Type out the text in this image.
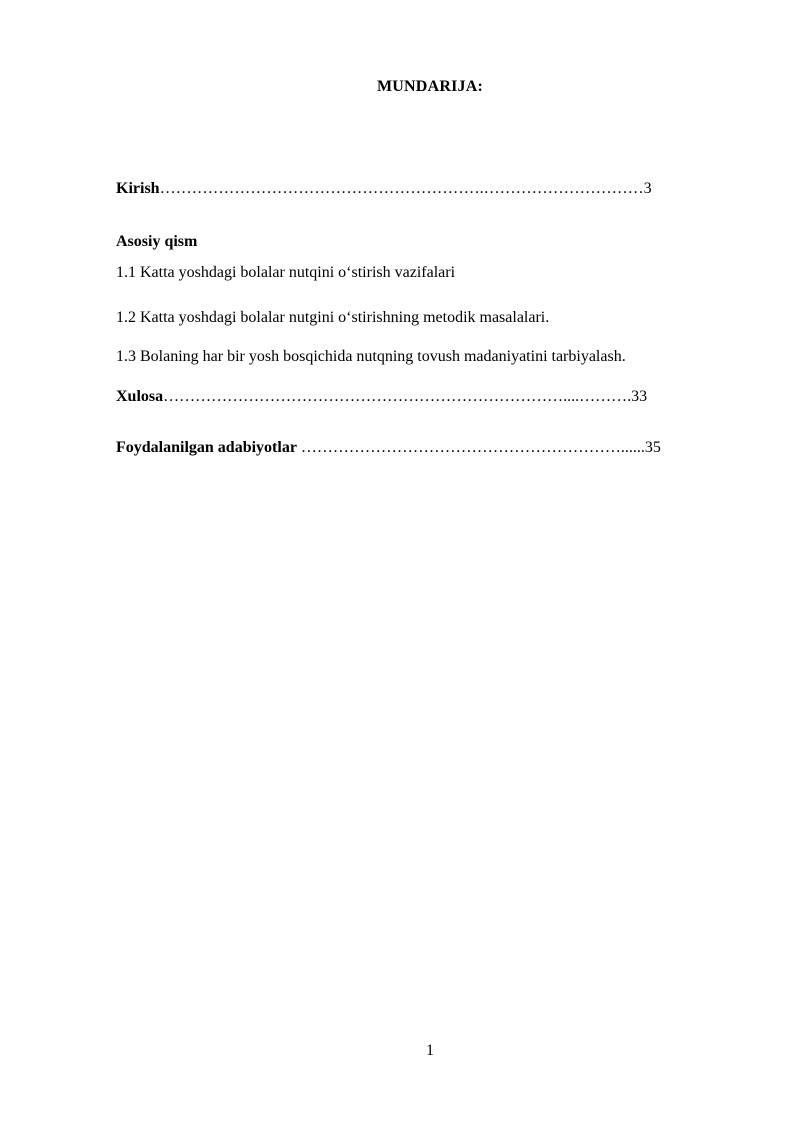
MUNDARIJA:
Kirish…………………………………………………….…………………………3
Asosiy qism
1.1 Katta yoshdagi bolalar nutqini o‘stirish vazifalari
1.2 Katta yoshdagi bolalar nutgini o‘stirishning metodik masalalari.
1.3 Bolaning har bir yosh bosqichida nutqning tovush madaniyatini tarbiyalash.
Xulosa…………………………………………………………………....……….33
Foydalanilgan adabiyotlar ……………………………………………………......35
1
